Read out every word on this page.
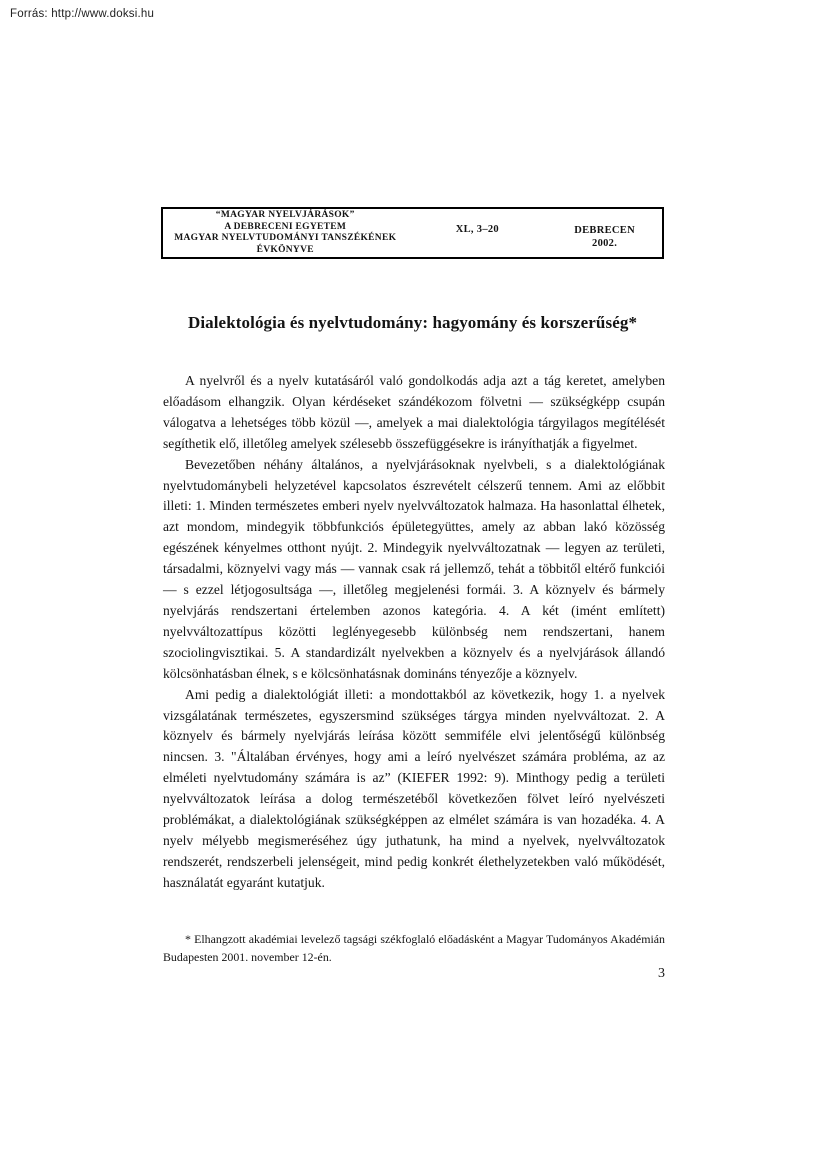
Forrás: http://www.doksi.hu
“MAGYAR NYELVJÁRÁSOK”
A DEBRECENI EGYETEM
MAGYAR NYELVTUDOMÁNYI TANSZÉKÉNEK
ÉVKÖNYVE
XL, 3–20	DEBRECEN
2002.
Dialektológia és nyelvtudomány: hagyomány és korszerűség*

A nyelvről és a nyelv kutatásáról való gondolkodás adja azt a tág keretet, amelyben előadásom elhangzik. Olyan kérdéseket szándékozom fölvetni — szükségképp csupán válogatva a lehetséges több közül —, amelyek a mai dialektológia tárgyilagos megítélését segíthetik elő, illetőleg amelyek szélesebb összefüggésekre is irányíthatják a figyelmet.

Bevezetőben néhány általános, a nyelvjárásoknak nyelvbeli, s a dialektológiának nyelvtudománybeli helyzetével kapcsolatos észrevételt célszerű tennem. Ami az előbbit illeti: 1. Minden természetes emberi nyelv nyelvváltozatok halmaza. Ha hasonlattal élhetek, azt mondom, mindegyik többfunkciós épületegyüttes, amely az abban lakó közösség egészének kényelmes otthont nyújt. 2. Mindegyik nyelvváltozatnak — legyen az területi, társadalmi, köznyelvi vagy más — vannak csak rá jellemző, tehát a többitől eltérő funkciói — s ezzel létjogosultsága —, illetőleg megjelenési formái. 3. A köznyelv és bármely nyelvjárás rendszertani értelemben azonos kategória. 4. A két (imént említett) nyelvváltozattípus közötti leglényegesebb különbség nem rendszertani, hanem szociolingvisztikai. 5. A standardizált nyelvekben a köznyelv és a nyelvjárások állandó kölcsönhatásban élnek, s e kölcsönhatásnak domináns tényezője a köznyelv.

Ami pedig a dialektológiát illeti: a mondottakból az következik, hogy 1. a nyelvek vizsgálatának természetes, egyszersmind szükséges tárgya minden nyelvváltozat. 2. A köznyelv és bármely nyelvjárás leírása között semmiféle elvi jelentőségű különbség nincsen. 3. "Általában érvényes, hogy ami a leíró nyelvészet számára probléma, az az elméleti nyelvtudomány számára is az” (KIEFER 1992: 9). Minthogy pedig a területi nyelvváltozatok leírása a dolog természetéből következően fölvet leíró nyelvészeti problémákat, a dialektológiának szükségképpen az elmélet számára is van hozadéka. 4. A nyelv mélyebb megismeréséhez úgy juthatunk, ha mind a nyelvek, nyelvváltozatok rendszerét, rendszerbeli jelenségeit, mind pedig konkrét élethelyzetekben való működését, használatát egyaránt kutatjuk.

* Elhangzott akadémiai levelező tagsági székfoglaló előadásként a Magyar Tudományos Akadémián Budapesten 2001. november 12-én.
3
